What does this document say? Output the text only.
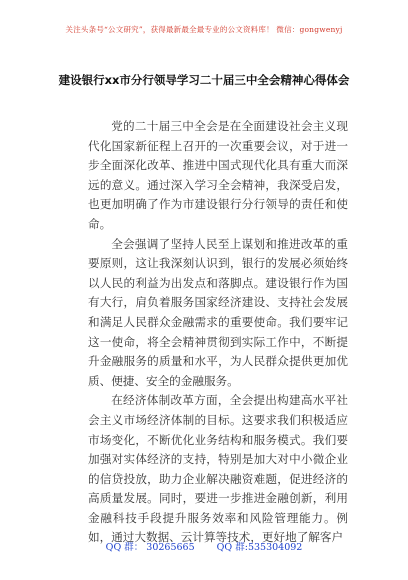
关注头条号“公文研究”，获得最新最全最专业的公文资料库！ 微信：gongwenyj
建设银行xx市分行领导学习二十届三中全会精神心得体会

党的二十届三中全会是在全面建设社会主义现代化国家新征程上召开的一次重要会议，对于进一步全面深化改革、推进中国式现代化具有重大而深远的意义。通过深入学习全会精神，我深受启发，也更加明确了作为市建设银行分行领导的责任和使命。

全会强调了坚持人民至上谋划和推进改革的重要原则，这让我深刻认识到，银行的发展必须始终以人民的利益为出发点和落脚点。建设银行作为国有大行，肩负着服务国家经济建设、支持社会发展和满足人民群众金融需求的重要使命。我们要牢记这一使命，将全会精神贯彻到实际工作中，不断提升金融服务的质量和水平，为人民群众提供更加优质、便捷、安全的金融服务。

在经济体制改革方面，全会提出构建高水平社会主义市场经济体制的目标。这要求我们积极适应市场变化，不断优化业务结构和服务模式。我们要加强对实体经济的支持，特别是加大对中小微企业的信贷投放，助力企业解决融资难题，促进经济的高质量发展。同时，要进一步推进金融创新，利用金融科技手段提升服务效率和风险管理能力。例如，通过大数据、云计算等技术，更好地了解客户

QQ 群： 30265665 QQ 群:535304092
